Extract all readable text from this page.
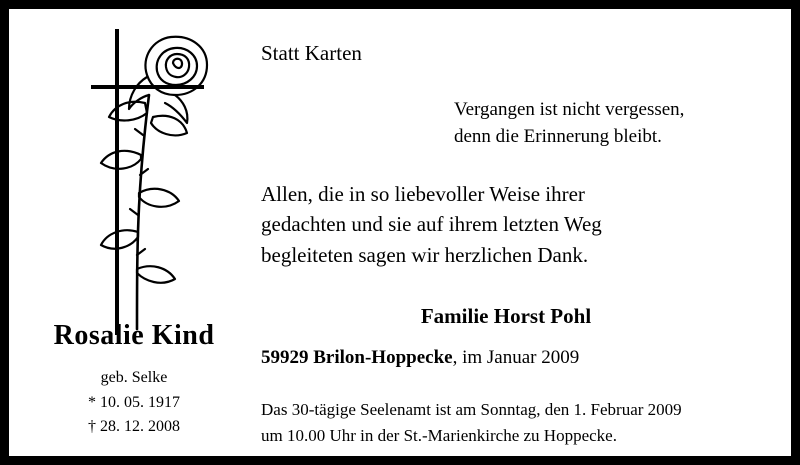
Rosalie Kind
geb. Selke
* 10. 05. 1917
† 28. 12. 2008
Statt Karten
Vergangen ist nicht vergessen,
denn die Erinnerung bleibt.
Allen, die in so liebevoller Weise ihrer
gedachten und sie auf ihrem letzten Weg
begleiteten sagen wir herzlichen Dank.
Familie Horst Pohl
59929 Brilon-Hoppecke, im Januar 2009
Das 30-tägige Seelenamt ist am Sonntag, den 1. Februar 2009
um 10.00 Uhr in der St.-Marienkirche zu Hoppecke.
